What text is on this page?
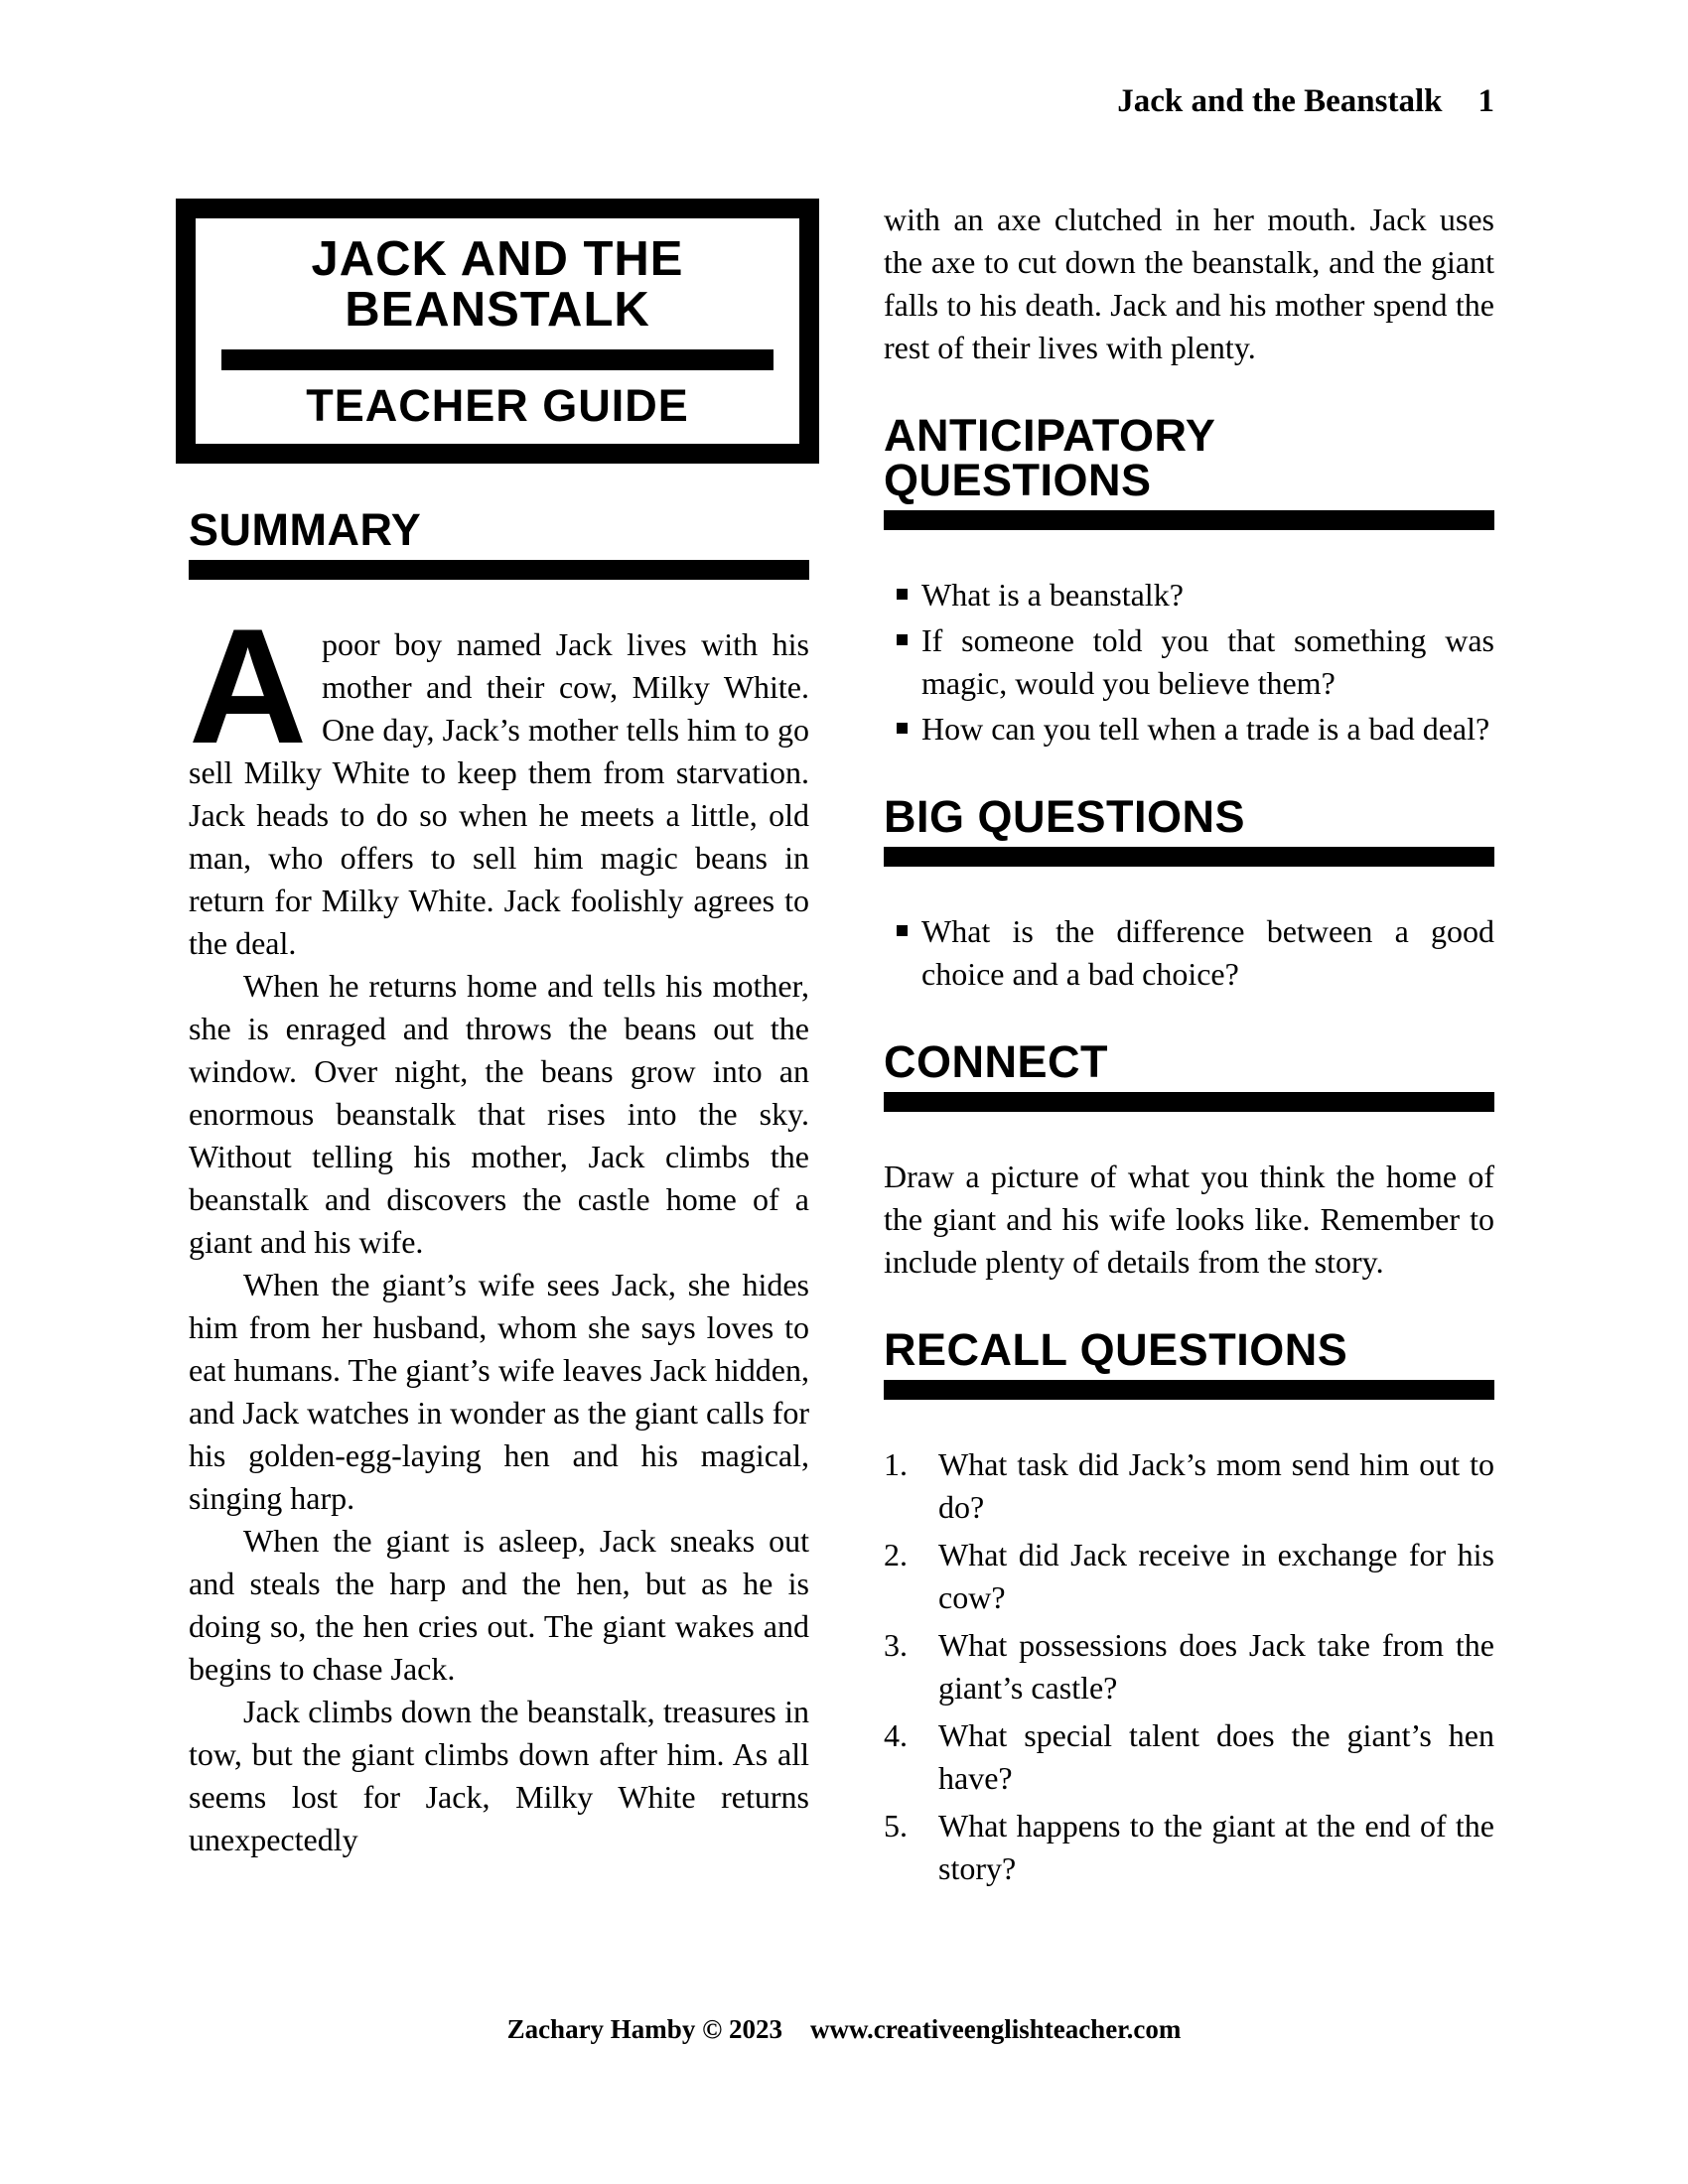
Jack and the Beanstalk 1
JACK AND THE BEANSTALK
TEACHER GUIDE
SUMMARY

Apoor boy named Jack lives with his mother and their cow, Milky White. One day, Jack’s mother tells him to go sell Milky White to keep them from starvation. Jack heads to do so when he meets a little, old man, who offers to sell him magic beans in return for Milky White. Jack foolishly agrees to the deal.

When he returns home and tells his mother, she is enraged and throws the beans out the window. Over night, the beans grow into an enormous beanstalk that rises into the sky. Without telling his mother, Jack climbs the beanstalk and discovers the castle home of a giant and his wife.

When the giant’s wife sees Jack, she hides him from her husband, whom she says loves to eat humans. The giant’s wife leaves Jack hidden, and Jack watches in wonder as the giant calls for his golden-egg-laying hen and his magical, singing harp.

When the giant is asleep, Jack sneaks out and steals the harp and the hen, but as he is doing so, the hen cries out. The giant wakes and begins to chase Jack.

Jack climbs down the beanstalk, treasures in tow, but the giant climbs down after him. As all seems lost for Jack, Milky White returns unexpectedly

with an axe clutched in her mouth. Jack uses the axe to cut down the beanstalk, and the giant falls to his death. Jack and his mother spend the rest of their lives with plenty.

ANTICIPATORY QUESTIONS
What is a beanstalk?
If someone told you that something was magic, would you believe them?
How can you tell when a trade is a bad deal?
BIG QUESTIONS
What is the difference between a good choice and a bad choice?
CONNECT

Draw a picture of what you think the home of the giant and his wife looks like. Remember to include plenty of details from the story.

RECALL QUESTIONS
1. What task did Jack’s mom send him out to do?
2. What did Jack receive in exchange for his cow?
3. What possessions does Jack take from the giant’s castle?
4. What special talent does the giant’s hen have?
5. What happens to the giant at the end of the story?
Zachary Hamby © 2023 www.creativeenglishteacher.com
